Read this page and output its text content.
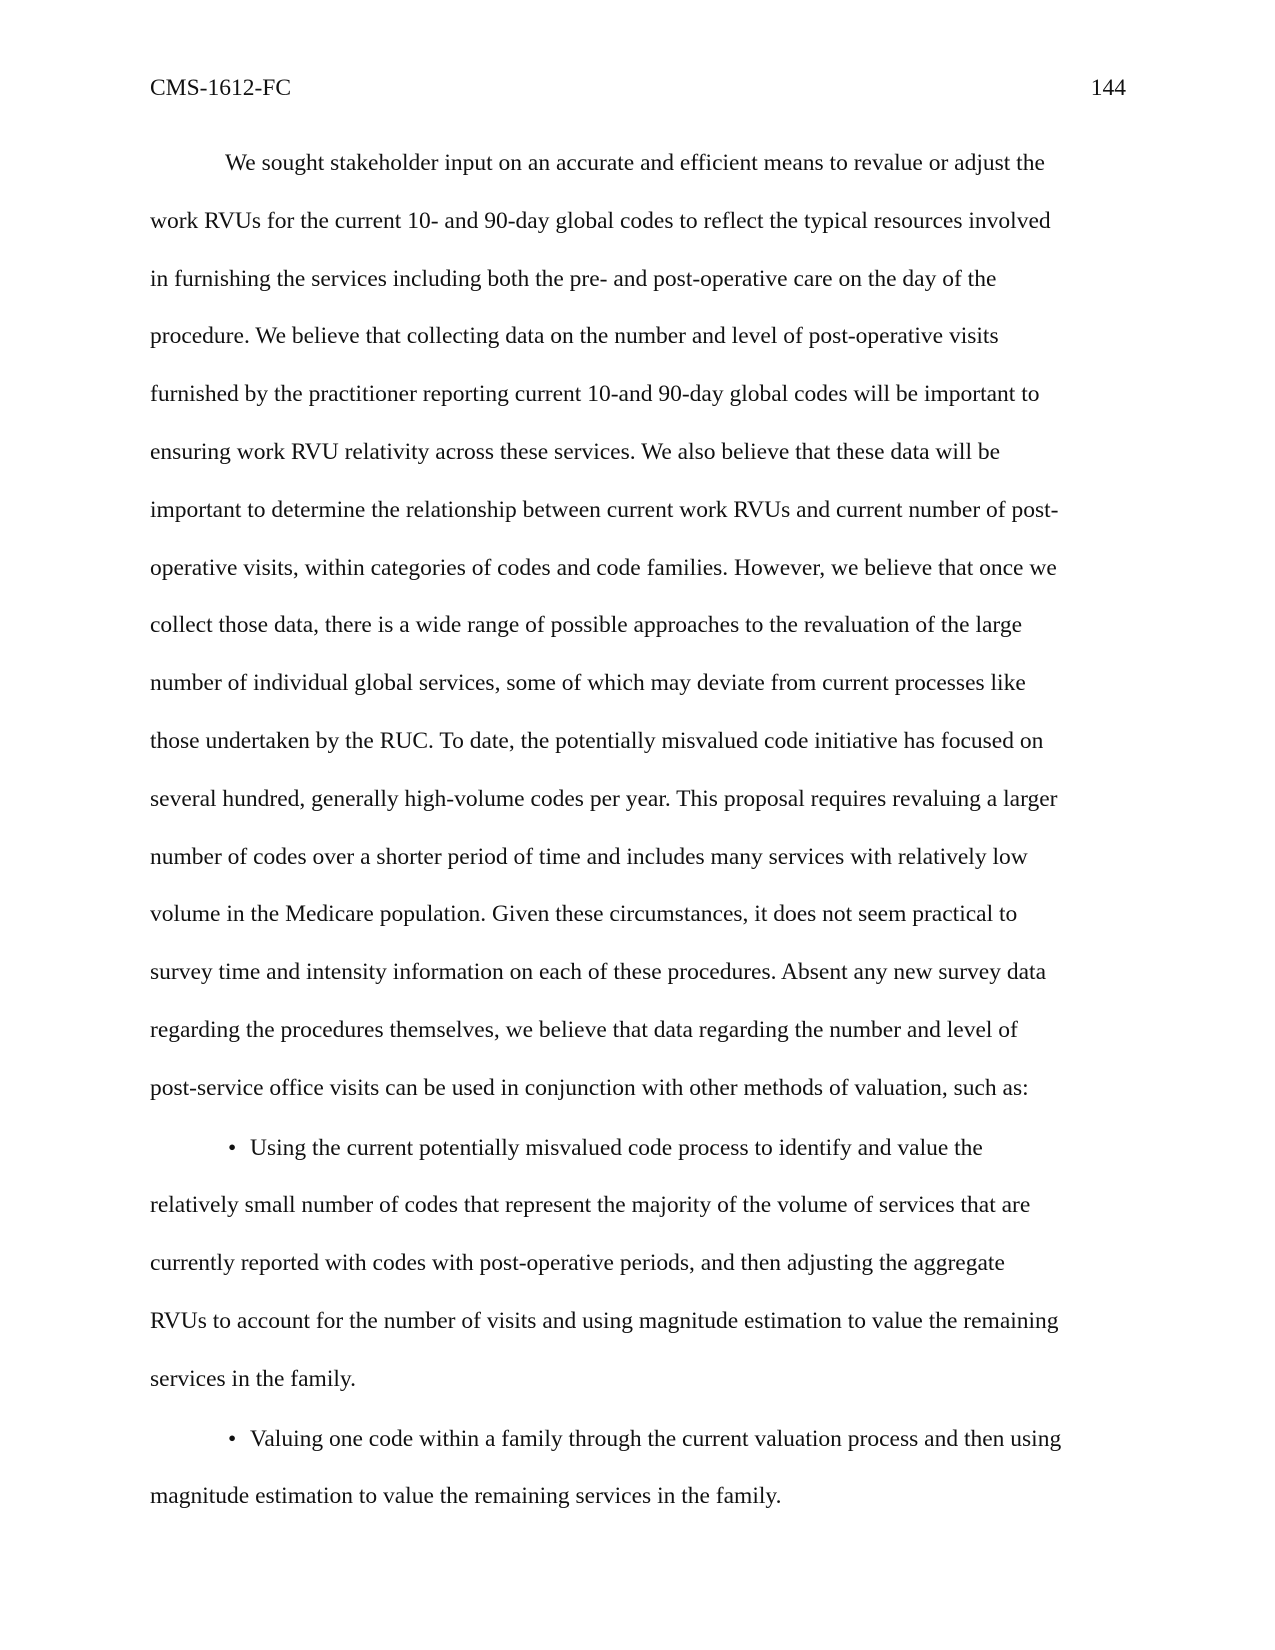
CMS-1612-FC	144
We sought stakeholder input on an accurate and efficient means to revalue or adjust the
work RVUs for the current 10- and 90-day global codes to reflect the typical resources involved
in furnishing the services including both the pre- and post-operative care on the day of the
procedure. We believe that collecting data on the number and level of post-operative visits
furnished by the practitioner reporting current 10-and 90-day global codes will be important to
ensuring work RVU relativity across these services. We also believe that these data will be
important to determine the relationship between current work RVUs and current number of post-
operative visits, within categories of codes and code families. However, we believe that once we
collect those data, there is a wide range of possible approaches to the revaluation of the large
number of individual global services, some of which may deviate from current processes like
those undertaken by the RUC. To date, the potentially misvalued code initiative has focused on
several hundred, generally high-volume codes per year. This proposal requires revaluing a larger
number of codes over a shorter period of time and includes many services with relatively low
volume in the Medicare population. Given these circumstances, it does not seem practical to
survey time and intensity information on each of these procedures. Absent any new survey data
regarding the procedures themselves, we believe that data regarding the number and level of
post-service office visits can be used in conjunction with other methods of valuation, such as:
• Using the current potentially misvalued code process to identify and value the
relatively small number of codes that represent the majority of the volume of services that are
currently reported with codes with post-operative periods, and then adjusting the aggregate
RVUs to account for the number of visits and using magnitude estimation to value the remaining
services in the family.
• Valuing one code within a family through the current valuation process and then using
magnitude estimation to value the remaining services in the family.
